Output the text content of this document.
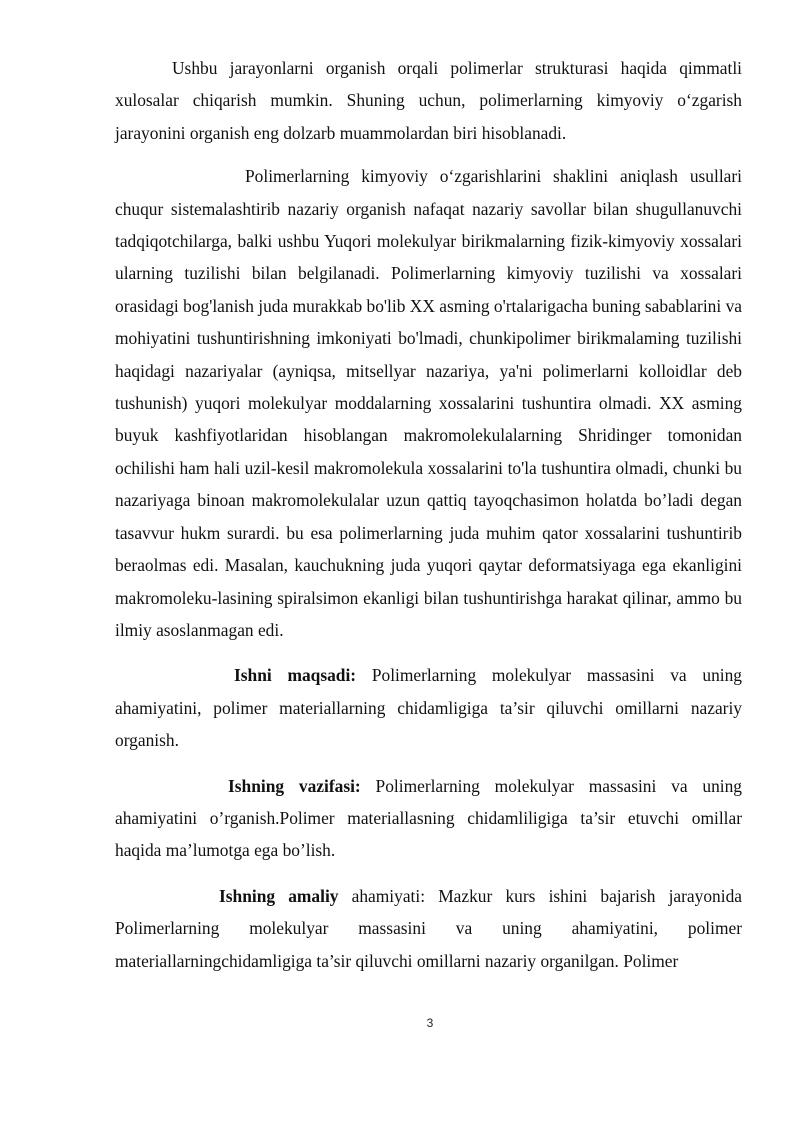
Ushbu jarayonlarni organish orqali polimerlar strukturasi haqida qimmatli xulosalar chiqarish mumkin. Shuning uchun, polimerlarning kimyoviy o‘zgarish jarayonini organish eng dolzarb muammolardan biri hisoblanadi.

Polimerlarning kimyoviy o‘zgarishlarini shaklini aniqlash usullari chuqur sistemalashtirib nazariy organish nafaqat nazariy savollar bilan shugullanuvchi tadqiqotchilarga, balki ushbu Yuqori molekulyar birikmalarning fizik-kimyoviy xossalari ularning tuzilishi bilan belgilanadi. Polimerlarning kimyoviy tuzilishi va xossalari orasidagi bog'lanish juda murakkab bo'lib XX asming o'rtalarigacha buning sabablarini va mohiyatini tushuntirishning imkoniyati bo'lmadi, chunkipolimer birikmalaming tuzilishi haqidagi nazariyalar (ayniqsa, mitsellyar nazariya, ya'ni polimerlarni kolloidlar deb tushunish) yuqori molekulyar moddalarning xossalarini tushuntira olmadi. XX asming buyuk kashfiyotlaridan hisoblangan makromolekulalarning Shridinger tomonidan ochilishi ham hali uzil-kesil makromolekula xossalarini to'la tushuntira olmadi, chunki bu nazariyaga binoan makromolekulalar uzun qattiq tayoqchasimon holatda bo’ladi degan tasavvur hukm surardi. bu esa polimerlarning juda muhim qator xossalarini tushuntirib beraolmas edi. Masalan, kauchukning juda yuqori qaytar deformatsiyaga ega ekanligini makromoleku-lasining spiralsimon ekanligi bilan tushuntirishga harakat qilinar, ammo bu ilmiy asoslanmagan edi.

Ishni maqsadi: Polimerlarning molekulyar massasini va uning ahamiyatini, polimer materiallarning chidamligiga ta’sir qiluvchi omillarni nazariy organish.

Ishning vazifasi: Polimerlarning molekulyar massasini va uning ahamiyatini o’rganish.Polimer materiallasning chidamliligiga ta’sir etuvchi omillar haqida ma’lumotga ega bo’lish.

Ishning amaliy ahamiyati: Mazkur kurs ishini bajarish jarayonida Polimerlarning molekulyar massasini va uning ahamiyatini, polimer materiallarningchidamligiga ta’sir qiluvchi omillarni nazariy organilgan. Polimer

3
